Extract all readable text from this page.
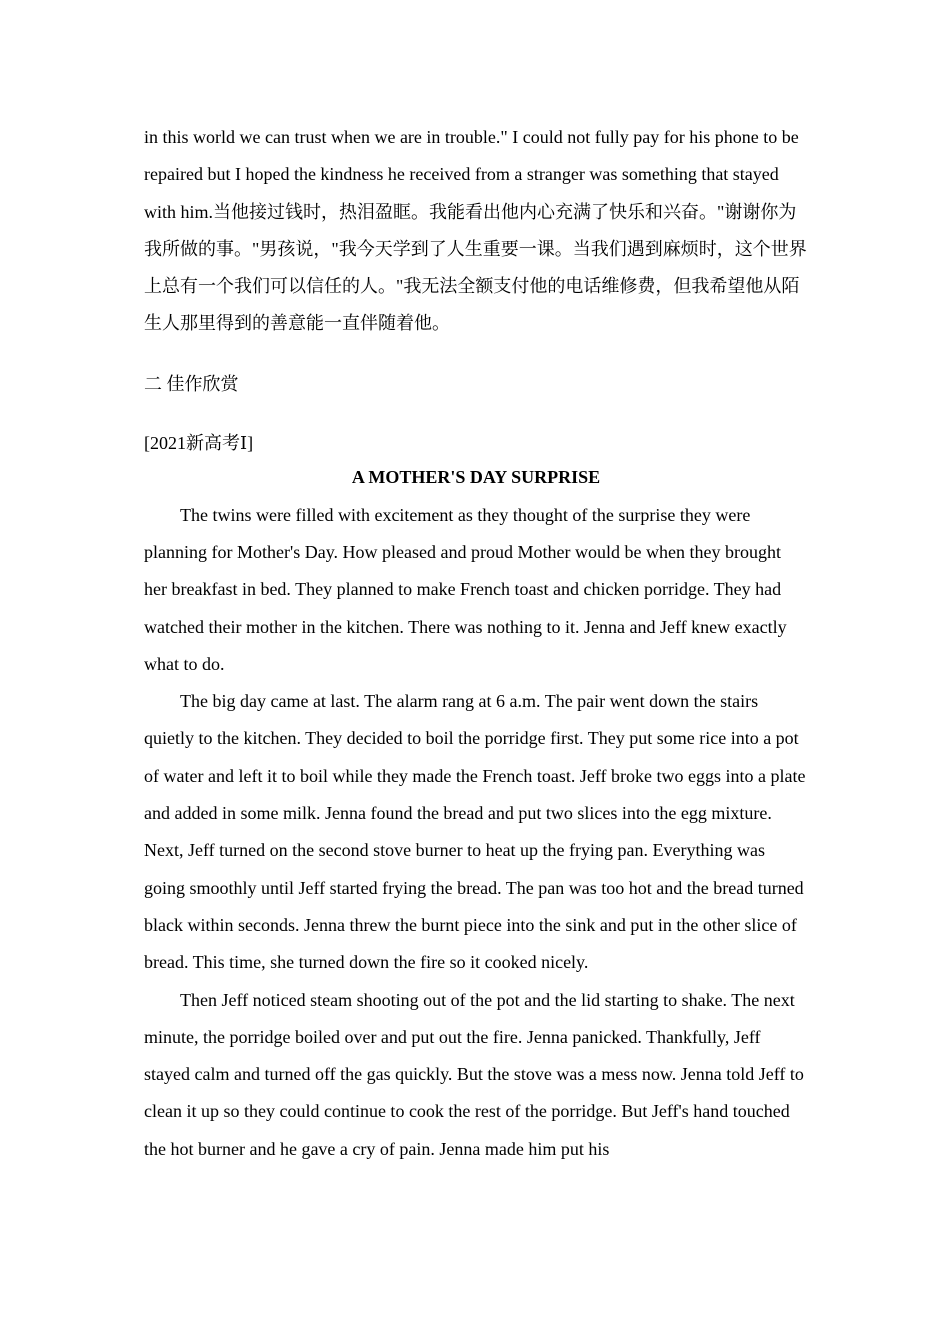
in this world we can trust when we are in trouble." I could not fully pay for his phone to be repaired but I hoped the kindness he received from a stranger was something that stayed with him.当他接过钱时，热泪盈眶。我能看出他内心充满了快乐和兴奋。"谢谢你为我所做的事。"男孩说，"我今天学到了人生重要一课。当我们遇到麻烦时，这个世界上总有一个我们可以信任的人。"我无法全额支付他的电话维修费，但我希望他从陌生人那里得到的善意能一直伴随着他。

二 佳作欣赏

[2021新高考Ⅰ]

A MOTHER'S DAY SURPRISE

The twins were filled with excitement as they thought of the surprise they were planning for Mother's Day. How pleased and proud Mother would be when they brought her breakfast in bed. They planned to make French toast and chicken porridge. They had watched their mother in the kitchen. There was nothing to it. Jenna and Jeff knew exactly what to do.

The big day came at last. The alarm rang at 6 a.m. The pair went down the stairs quietly to the kitchen. They decided to boil the porridge first. They put some rice into a pot of water and left it to boil while they made the French toast. Jeff broke two eggs into a plate and added in some milk. Jenna found the bread and put two slices into the egg mixture. Next, Jeff turned on the second stove burner to heat up the frying pan. Everything was going smoothly until Jeff started frying the bread. The pan was too hot and the bread turned black within seconds. Jenna threw the burnt piece into the sink and put in the other slice of bread. This time, she turned down the fire so it cooked nicely.

Then Jeff noticed steam shooting out of the pot and the lid starting to shake. The next minute, the porridge boiled over and put out the fire. Jenna panicked. Thankfully, Jeff stayed calm and turned off the gas quickly. But the stove was a mess now. Jenna told Jeff to clean it up so they could continue to cook the rest of the porridge. But Jeff's hand touched the hot burner and he gave a cry of pain. Jenna made him put his
